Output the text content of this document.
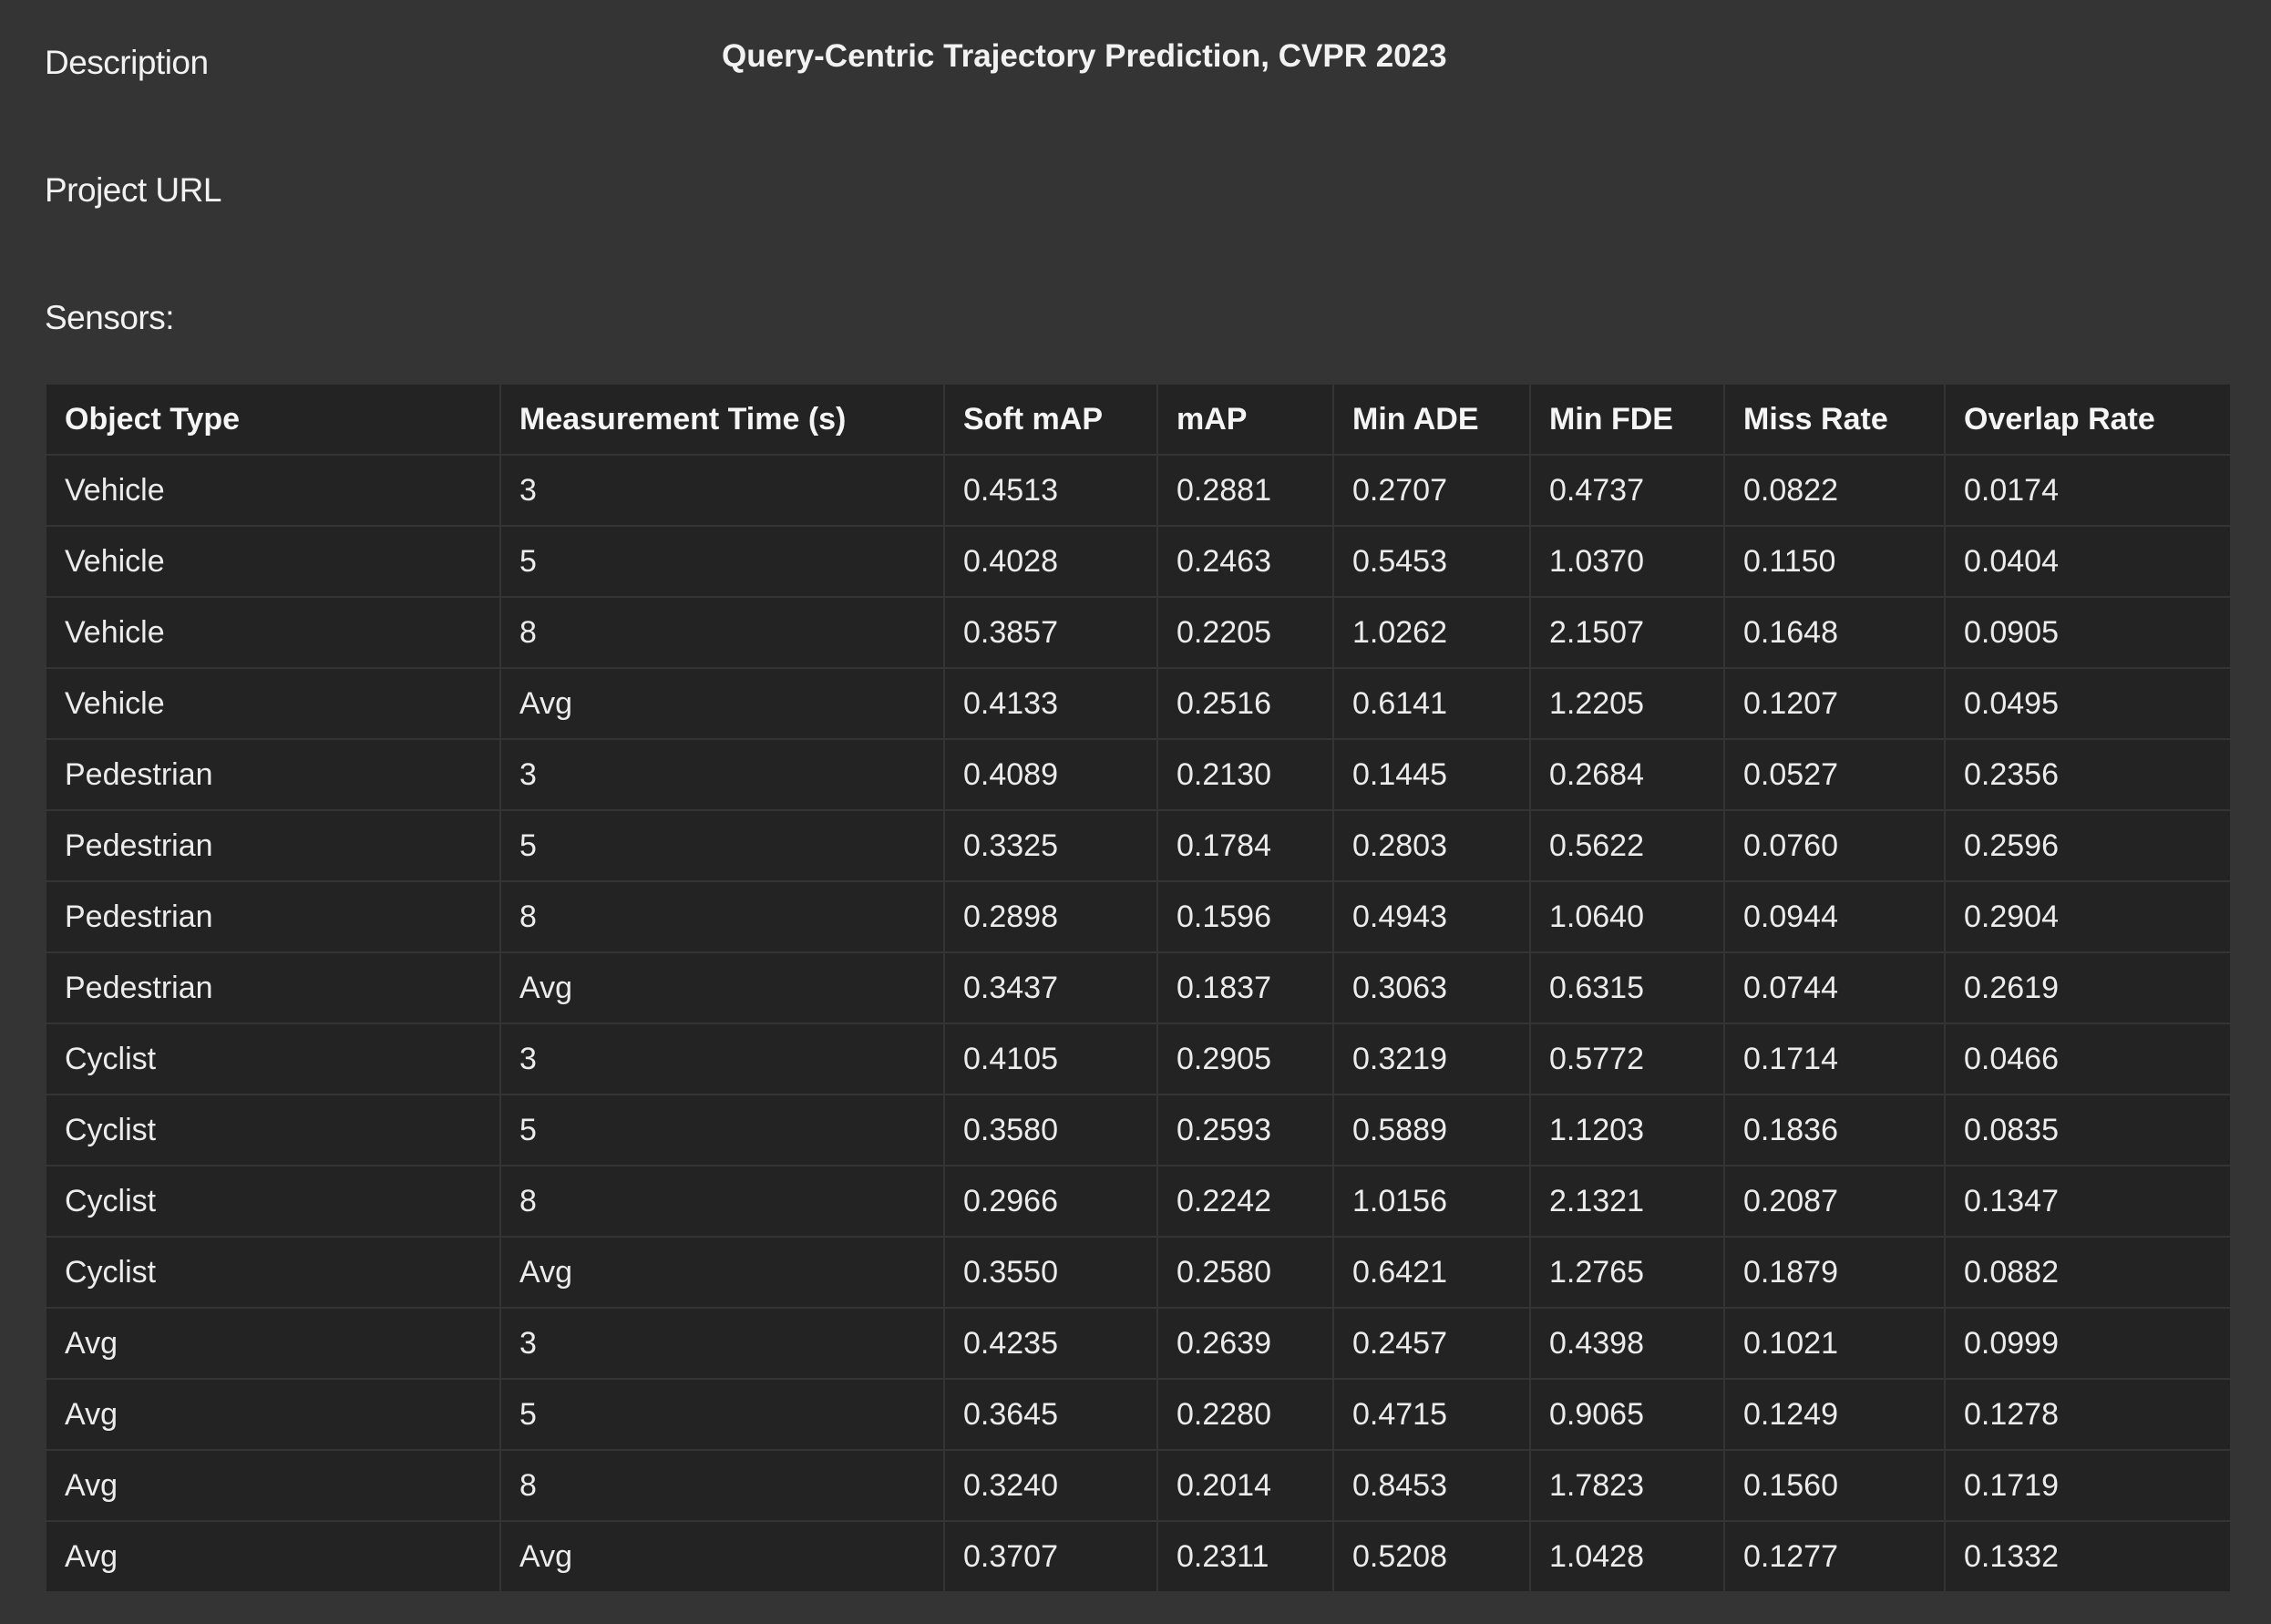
Description	Query-Centric Trajectory Prediction, CVPR 2023
Project URL
Sensors:
Object Type	Measurement Time (s)	Soft mAP	mAP	Min ADE	Min FDE	Miss Rate	Overlap Rate
Vehicle	3	0.4513	0.2881	0.2707	0.4737	0.0822	0.0174
Vehicle	5	0.4028	0.2463	0.5453	1.0370	0.1150	0.0404
Vehicle	8	0.3857	0.2205	1.0262	2.1507	0.1648	0.0905
Vehicle	Avg	0.4133	0.2516	0.6141	1.2205	0.1207	0.0495
Pedestrian	3	0.4089	0.2130	0.1445	0.2684	0.0527	0.2356
Pedestrian	5	0.3325	0.1784	0.2803	0.5622	0.0760	0.2596
Pedestrian	8	0.2898	0.1596	0.4943	1.0640	0.0944	0.2904
Pedestrian	Avg	0.3437	0.1837	0.3063	0.6315	0.0744	0.2619
Cyclist	3	0.4105	0.2905	0.3219	0.5772	0.1714	0.0466
Cyclist	5	0.3580	0.2593	0.5889	1.1203	0.1836	0.0835
Cyclist	8	0.2966	0.2242	1.0156	2.1321	0.2087	0.1347
Cyclist	Avg	0.3550	0.2580	0.6421	1.2765	0.1879	0.0882
Avg	3	0.4235	0.2639	0.2457	0.4398	0.1021	0.0999
Avg	5	0.3645	0.2280	0.4715	0.9065	0.1249	0.1278
Avg	8	0.3240	0.2014	0.8453	1.7823	0.1560	0.1719
Avg	Avg	0.3707	0.2311	0.5208	1.0428	0.1277	0.1332
